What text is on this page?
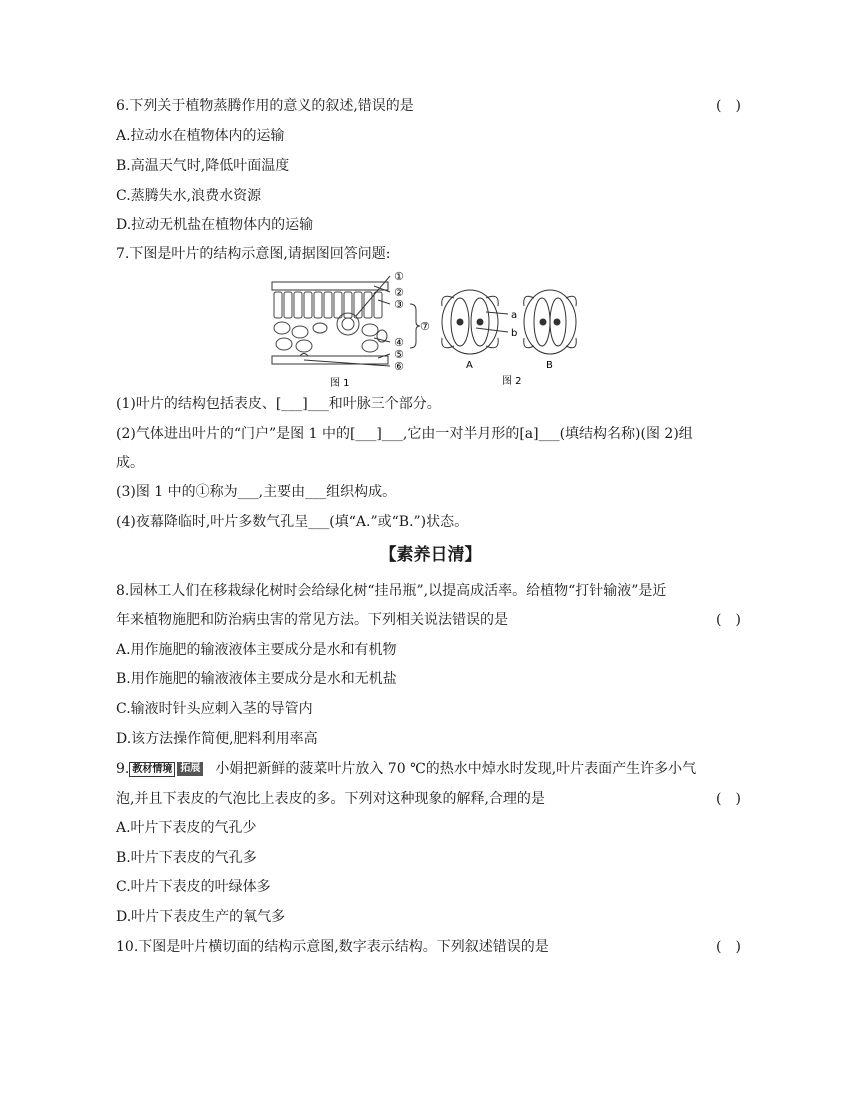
6.下列关于植物蒸腾作用的意义的叙述,错误的是	(　)
A.拉动水在植物体内的运输
B.高温天气时,降低叶面温度
C.蒸腾失水,浪费水资源
D.拉动无机盐在植物体内的运输
7.下图是叶片的结构示意图,请据图回答问题:
①
②
③
④
⑤
⑥
⑦
图 1
a
b
A	B
图 2
(1)叶片的结构包括表皮、[___]___和叶脉三个部分。
(2)气体进出叶片的“门户”是图 1 中的[___]___,它由一对半月形的[a]___(填结构名称)(图 2)组
成。
(3)图 1 中的①称为___,主要由___组织构成。
(4)夜幕降临时,叶片多数气孔呈___(填“A.”或“B.”)状态。
【素养日清】
8.园林工人们在移栽绿化树时会给绿化树“挂吊瓶”,以提高成活率。给植物“打针输液”是近
年来植物施肥和防治病虫害的常见方法。下列相关说法错误的是	(　)
A.用作施肥的输液液体主要成分是水和有机物
B.用作施肥的输液液体主要成分是水和无机盐
C.输液时针头应刺入茎的导管内
D.该方法操作简便,肥料利用率高
9. 教材情境 拓展 小娟把新鲜的菠菜叶片放入 70 ℃的热水中焯水时发现,叶片表面产生许多小气
泡,并且下表皮的气泡比上表皮的多。下列对这种现象的解释,合理的是	(　)
A.叶片下表皮的气孔少
B.叶片下表皮的气孔多
C.叶片下表皮的叶绿体多
D.叶片下表皮生产的氧气多
10.下图是叶片横切面的结构示意图,数字表示结构。下列叙述错误的是	(　)
